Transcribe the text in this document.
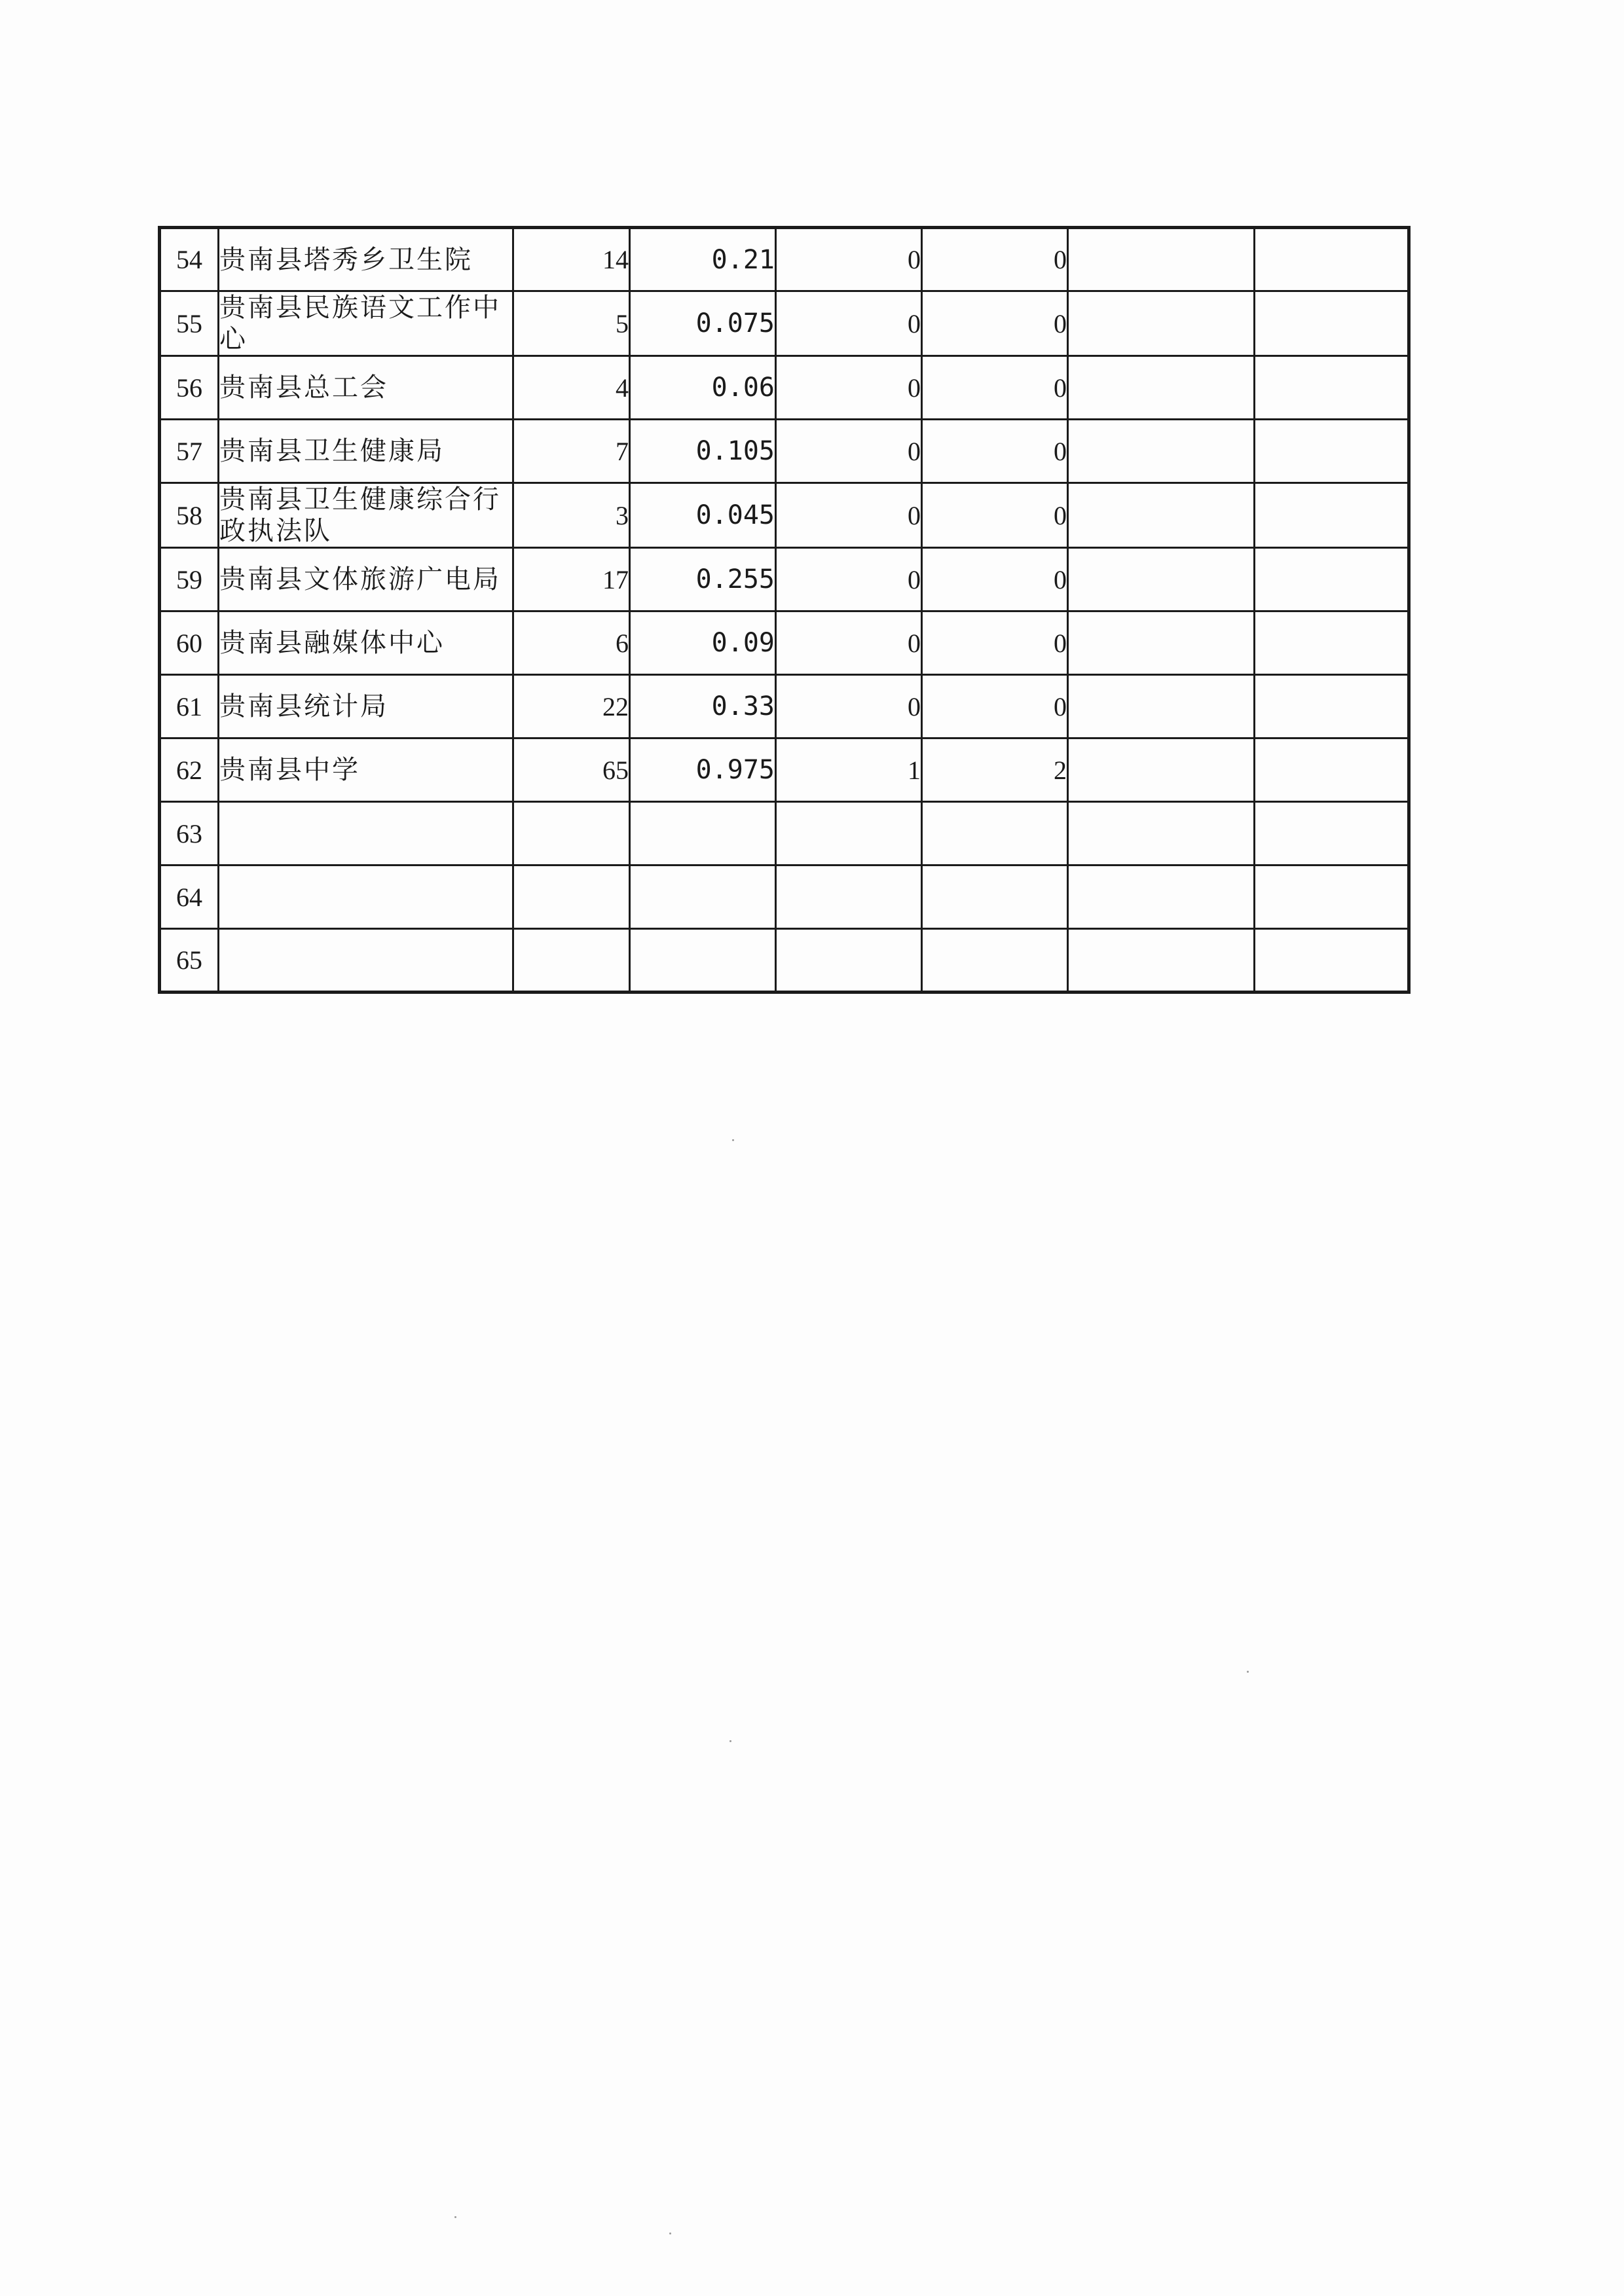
54	贵南县塔秀乡卫生院	14	0.21	0	0		
55	贵南县民族语文工作中心	5	0.075	0	0		
56	贵南县总工会	4	0.06	0	0		
57	贵南县卫生健康局	7	0.105	0	0		
58	贵南县卫生健康综合行政执法队	3	0.045	0	0		
59	贵南县文体旅游广电局	17	0.255	0	0		
60	贵南县融媒体中心	6	0.09	0	0		
61	贵南县统计局	22	0.33	0	0		
62	贵南县中学	65	0.975	1	2		
63							
64							
65							
